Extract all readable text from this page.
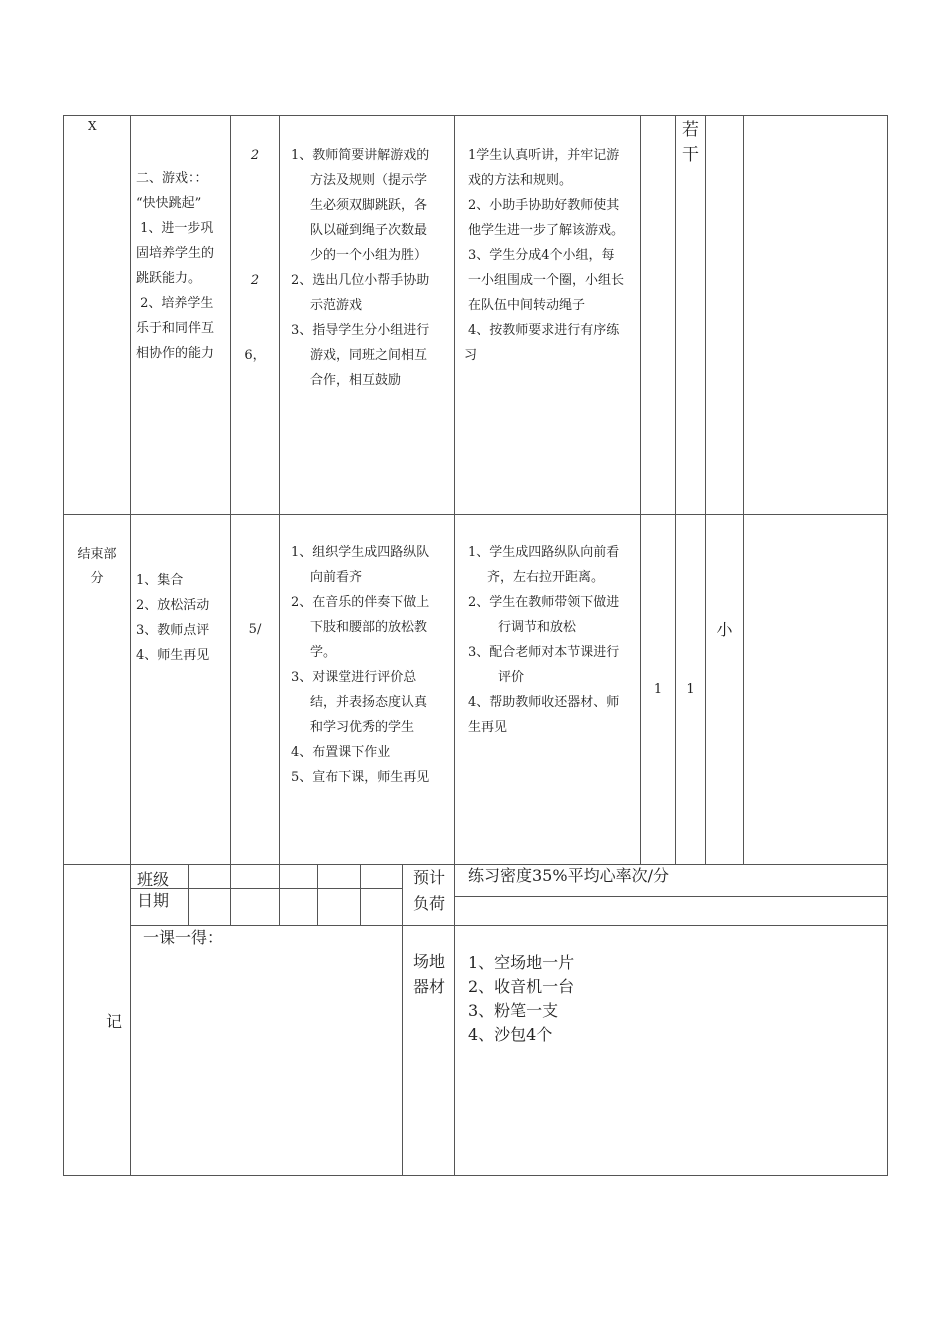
X
二、游戏：：
“快快跳起”
1、进一步巩
固培养学生的
跳跃能力。
2、培养学生
乐于和同伴互
相协作的能力
2
2
6，
1、教师简要讲解游戏的
方法及规则（提示学
生必须双脚跳跃，各
队以碰到绳子次数最
少的一个小组为胜）
2、选出几位小帮手协助
示范游戏
3、指导学生分小组进行
游戏，同班之间相互
合作，相互鼓励
1学生认真听讲，并牢记游
戏的方法和规则。
2、小助手协助好教师使其
他学生进一步了解该游戏。
3、学生分成4个小组，每
一小组围成一个圈，小组长
在队伍中间转动绳子
4、按教师要求进行有序练
习
若
干
结束部
分	1、集合
2、放松活动
3、教师点评
4、师生再见
5/
1、组织学生成四路纵队
向前看齐
2、在音乐的伴奏下做上
下肢和腰部的放松教
学。
3、对课堂进行评价总
结，并表扬态度认真
和学习优秀的学生
4、布置课下作业
5、宣布下课，师生再见
1、学生成四路纵队向前看
齐，左右拉开距离。
2、学生在教师带领下做进
行调节和放松
3、配合老师对本节课进行
评价
4、帮助教师收还器材、师
生再见
1	1
小
记
班级
日期
预计
负荷
练习密度35%平均心率次/分
一课一得：
场地
器材
1、空场地一片
2、收音机一台
3、粉笔一支
4、沙包4个
